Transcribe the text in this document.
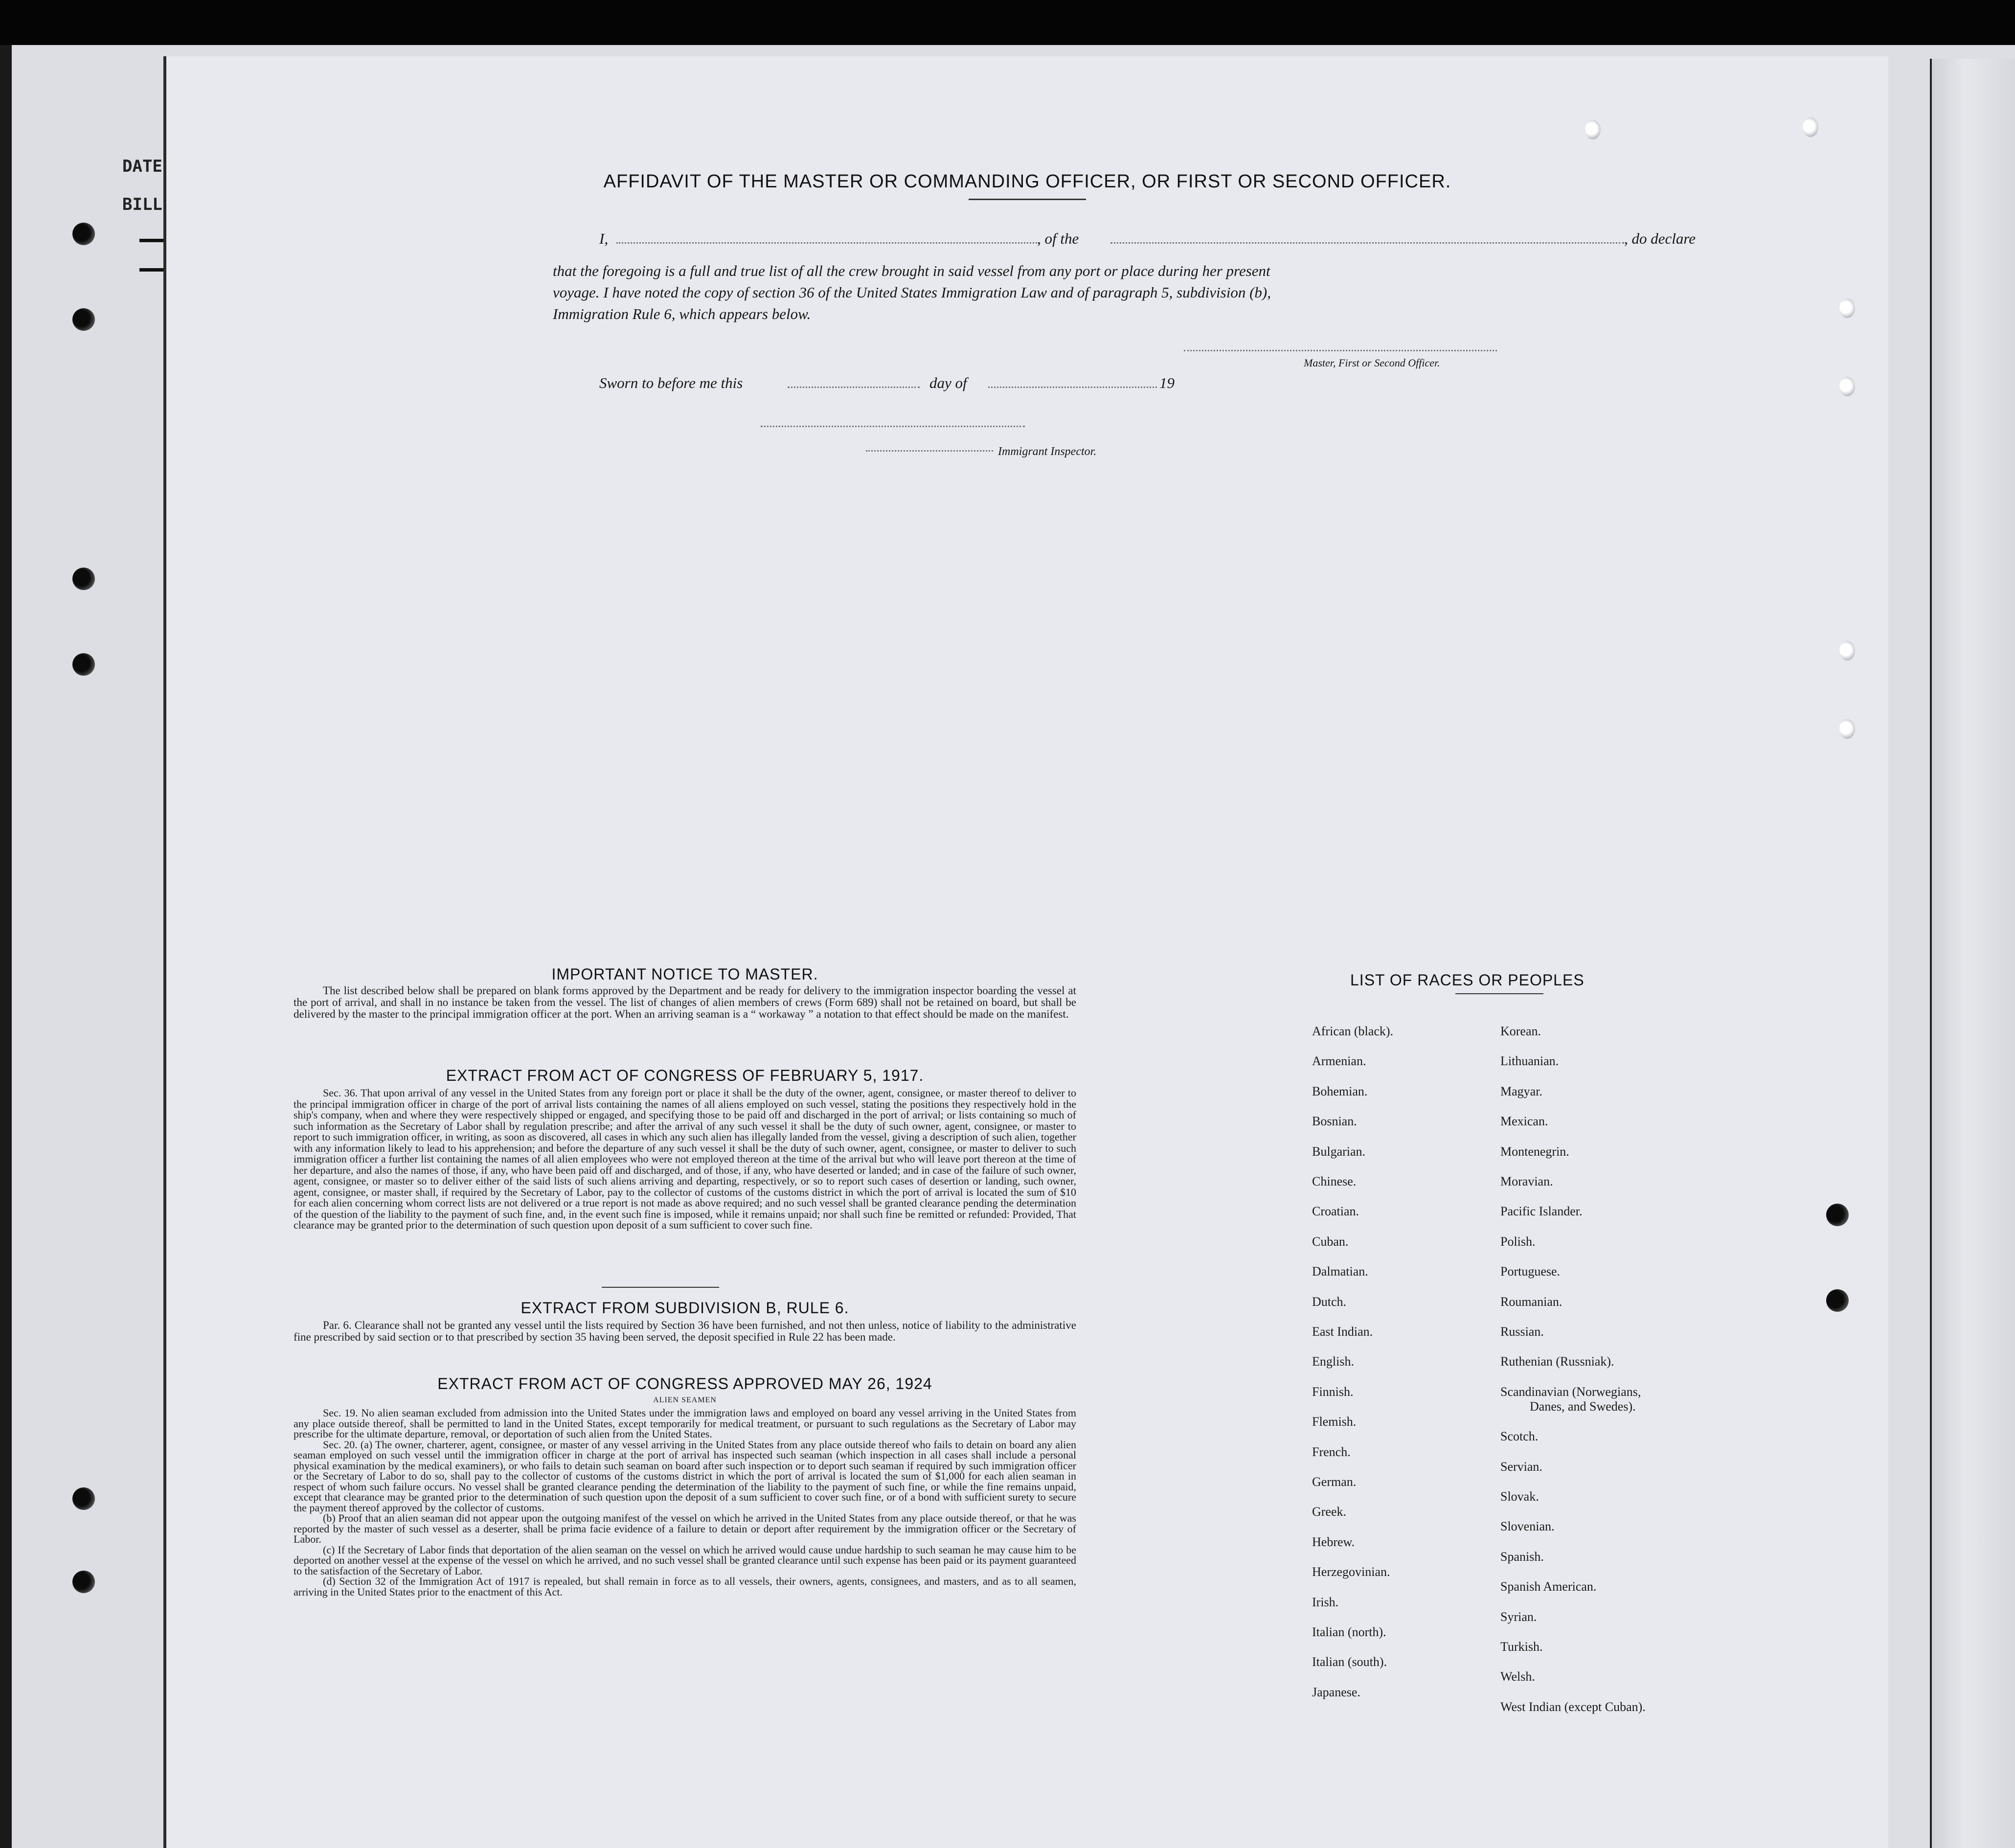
DATE
BILL
AFFIDAVIT OF THE MASTER OR COMMANDING OFFICER, OR FIRST OR SECOND OFFICER.
I,	, of the	, do declare
that the foregoing is a full and true list of all the crew brought in said vessel from any port or place during her present
voyage. I have noted the copy of section 36 of the United States Immigration Law and of paragraph 5, subdivision (b),
Immigration Rule 6, which appears below.
Master, First or Second Officer.
Sworn to before me this	day of	19
Immigrant Inspector.
IMPORTANT NOTICE TO MASTER.

The list described below shall be prepared on blank forms approved by the Department and be ready for delivery to the immigration inspector boarding the vessel at the port of arrival, and shall in no instance be taken from the vessel. The list of changes of alien members of crews (Form 689) shall not be retained on board, but shall be delivered by the master to the principal immigration officer at the port. When an arriving seaman is a “ workaway ” a notation to that effect should be made on the manifest.

EXTRACT FROM ACT OF CONGRESS OF FEBRUARY 5, 1917.

Sec. 36. That upon arrival of any vessel in the United States from any foreign port or place it shall be the duty of the owner, agent, consignee, or master thereof to deliver to the principal immigration officer in charge of the port of arrival lists containing the names of all aliens employed on such vessel, stating the positions they respectively hold in the ship's company, when and where they were respectively shipped or engaged, and specifying those to be paid off and discharged in the port of arrival; or lists containing so much of such information as the Secretary of Labor shall by regulation prescribe; and after the arrival of any such vessel it shall be the duty of such owner, agent, consignee, or master to report to such immigration officer, in writing, as soon as discovered, all cases in which any such alien has illegally landed from the vessel, giving a description of such alien, together with any information likely to lead to his apprehension; and before the departure of any such vessel it shall be the duty of such owner, agent, consignee, or master to deliver to such immigration officer a further list containing the names of all alien employees who were not employed thereon at the time of the arrival but who will leave port thereon at the time of her departure, and also the names of those, if any, who have been paid off and discharged, and of those, if any, who have deserted or landed; and in case of the failure of such owner, agent, consignee, or master so to deliver either of the said lists of such aliens arriving and departing, respectively, or so to report such cases of desertion or landing, such owner, agent, consignee, or master shall, if required by the Secretary of Labor, pay to the collector of customs of the customs district in which the port of arrival is located the sum of $10 for each alien concerning whom correct lists are not delivered or a true report is not made as above required; and no such vessel shall be granted clearance pending the determination of the question of the liability to the payment of such fine, and, in the event such fine is imposed, while it remains unpaid; nor shall such fine be remitted or refunded: Provided, That clearance may be granted prior to the determination of such question upon deposit of a sum sufficient to cover such fine.

EXTRACT FROM SUBDIVISION B, RULE 6.

Par. 6. Clearance shall not be granted any vessel until the lists required by Section 36 have been furnished, and not then unless, notice of liability to the administrative fine prescribed by said section or to that prescribed by section 35 having been served, the deposit specified in Rule 22 has been made.

EXTRACT FROM ACT OF CONGRESS APPROVED MAY 26, 1924
ALIEN SEAMEN

Sec. 19. No alien seaman excluded from admission into the United States under the immigration laws and employed on board any vessel arriving in the United States from any place outside thereof, shall be permitted to land in the United States, except temporarily for medical treatment, or pursuant to such regulations as the Secretary of Labor may prescribe for the ultimate departure, removal, or deportation of such alien from the United States.

Sec. 20. (a) The owner, charterer, agent, consignee, or master of any vessel arriving in the United States from any place outside thereof who fails to detain on board any alien seaman employed on such vessel until the immigration officer in charge at the port of arrival has inspected such seaman (which inspection in all cases shall include a personal physical examination by the medical examiners), or who fails to detain such seaman on board after such inspection or to deport such seaman if required by such immigration officer or the Secretary of Labor to do so, shall pay to the collector of customs of the customs district in which the port of arrival is located the sum of $1,000 for each alien seaman in respect of whom such failure occurs. No vessel shall be granted clearance pending the determination of the liability to the payment of such fine, or while the fine remains unpaid, except that clearance may be granted prior to the determination of such question upon the deposit of a sum sufficient to cover such fine, or of a bond with sufficient surety to secure the payment thereof approved by the collector of customs.

(b) Proof that an alien seaman did not appear upon the outgoing manifest of the vessel on which he arrived in the United States from any place outside thereof, or that he was reported by the master of such vessel as a deserter, shall be prima facie evidence of a failure to detain or deport after requirement by the immigration officer or the Secretary of Labor.

(c) If the Secretary of Labor finds that deportation of the alien seaman on the vessel on which he arrived would cause undue hardship to such seaman he may cause him to be deported on another vessel at the expense of the vessel on which he arrived, and no such vessel shall be granted clearance until such expense has been paid or its payment guaranteed to the satisfaction of the Secretary of Labor.

(d) Section 32 of the Immigration Act of 1917 is repealed, but shall remain in force as to all vessels, their owners, agents, consignees, and masters, and as to all seamen, arriving in the United States prior to the enactment of this Act.

LIST OF RACES OR PEOPLES
African (black).
Armenian.
Bohemian.
Bosnian.
Bulgarian.
Chinese.
Croatian.
Cuban.
Dalmatian.
Dutch.
East Indian.
English.
Finnish.
Flemish.
French.
German.
Greek.
Hebrew.
Herzegovinian.
Irish.
Italian (north).
Italian (south).
Japanese.
Korean.
Lithuanian.
Magyar.
Mexican.
Montenegrin.
Moravian.
Pacific Islander.
Polish.
Portuguese.
Roumanian.
Russian.
Ruthenian (Russniak).
Scandinavian (Norwegians,
Danes, and Swedes).
Scotch.
Servian.
Slovak.
Slovenian.
Spanish.
Spanish American.
Syrian.
Turkish.
Welsh.
West Indian (except Cuban).
